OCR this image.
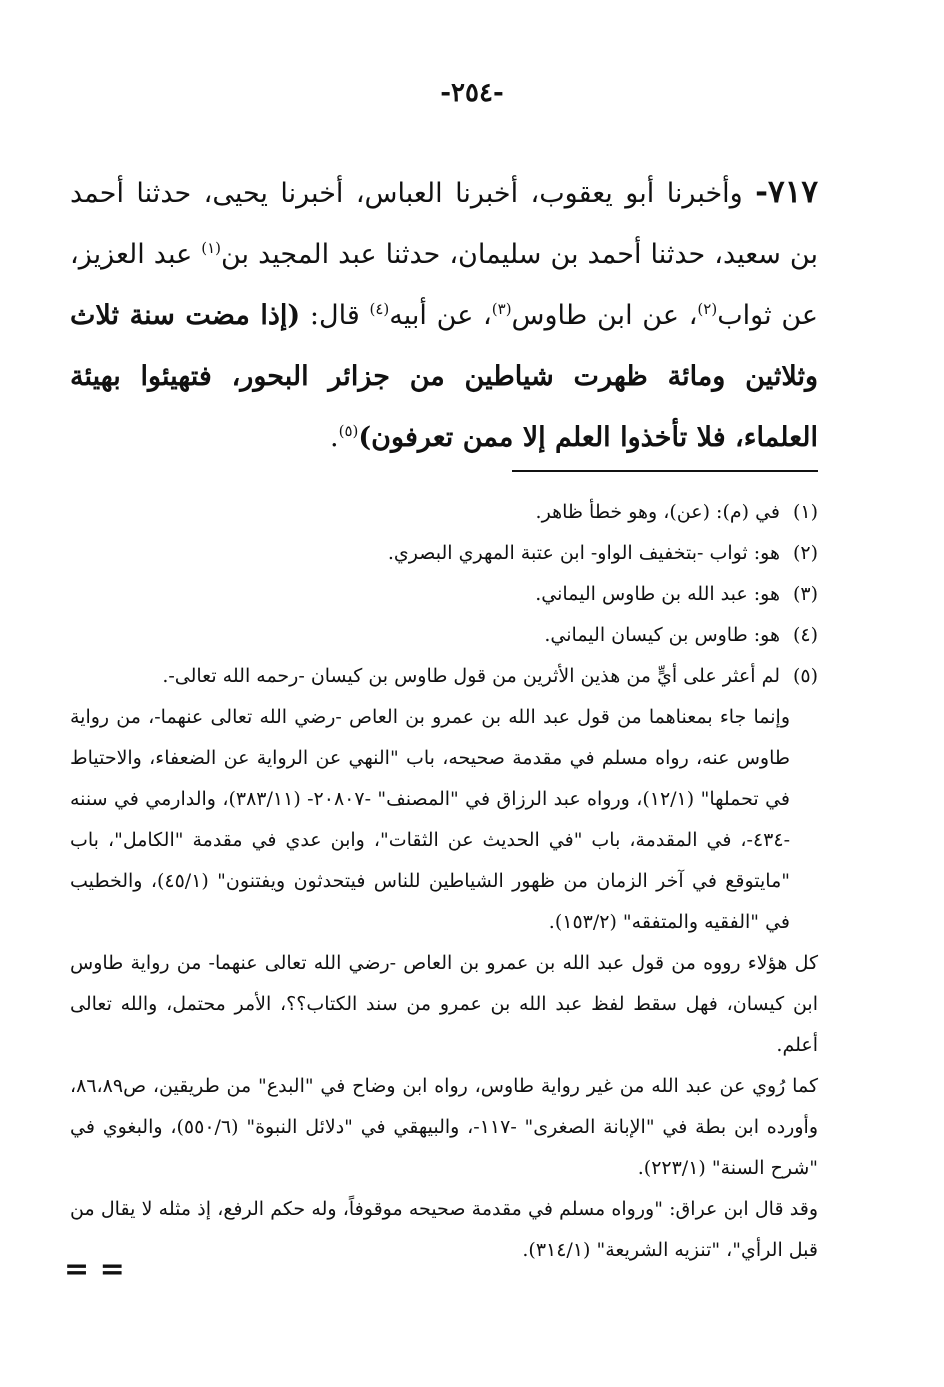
-٢٥٤-
٧١٧- وأخبرنا أبو يعقوب، أخبرنا العباس، أخبرنا يحيى، حدثنا أحمد بن سعيد، حدثنا أحمد بن سليمان، حدثنا عبد المجيد بن$^{(١)}$ عبد العزيز، عن ثواب$^{(٢)}$، عن ابن طاوس$^{(٣)}$، عن أبيه$^{(٤)}$ قال: (إذا مضت سنة ثلاث وثلاثين ومائة ظهرت شياطين من جزائر البحور، فتهيئوا بهيئة العلماء، فلا تأخذوا العلم إلا ممن تعرفون)$^{(٥)}$.

(١)في (م): (عن)، وهو خطأ ظاهر.

(٢)هو: ثواب -بتخفيف الواو- ابن عتبة المهري البصري.

(٣)هو: عبد الله بن طاوس اليماني.

(٤)هو: طاوس بن كيسان اليماني.

(٥)لم أعثر على أيٍّ من هذين الأثرين من قول طاوس بن كيسان -رحمه الله تعالى-.

وإنما جاء بمعناهما من قول عبد الله بن عمرو بن العاص -رضي الله تعالى عنهما-، من رواية طاوس عنه، رواه مسلم في مقدمة صحيحه، باب "النهي عن الرواية عن الضعفاء، والاحتياط في تحملها" (١٢/١)، ورواه عبد الرزاق في "المصنف" -٢٠٨٠٧- (٣٨٣/١١)، والدارمي في سننه -٤٣٤-، في المقدمة، باب "في الحديث عن الثقات"، وابن عدي في مقدمة "الكامل"، باب "مايتوقع في آخر الزمان من ظهور الشياطين للناس فيتحدثون ويفتنون" (٤٥/١)، والخطيب في "الفقيه والمتفقه" (١٥٣/٢).

كل هؤلاء رووه من قول عبد الله بن عمرو بن العاص -رضي الله تعالى عنهما- من رواية طاوس ابن كيسان، فهل سقط لفظ عبد الله بن عمرو من سند الكتاب؟؟، الأمر محتمل، والله تعالى أعلم.

كما رُوي عن عبد الله من غير رواية طاوس، رواه ابن وضاح في "البدع" من طريقين، ص٨٦،٨٩، وأورده ابن بطة في "الإبانة الصغرى" -١١٧-، والبيهقي في "دلائل النبوة" (٥٥٠/٦)، والبغوي في "شرح السنة" (٢٢٣/١).

وقد قال ابن عراق: "ورواه مسلم في مقدمة صحيحه موقوفاً، وله حكم الرفع، إذ مثله لا يقال من قبل الرأي"، "تنزيه الشريعة" (٣١٤/١).

= =
